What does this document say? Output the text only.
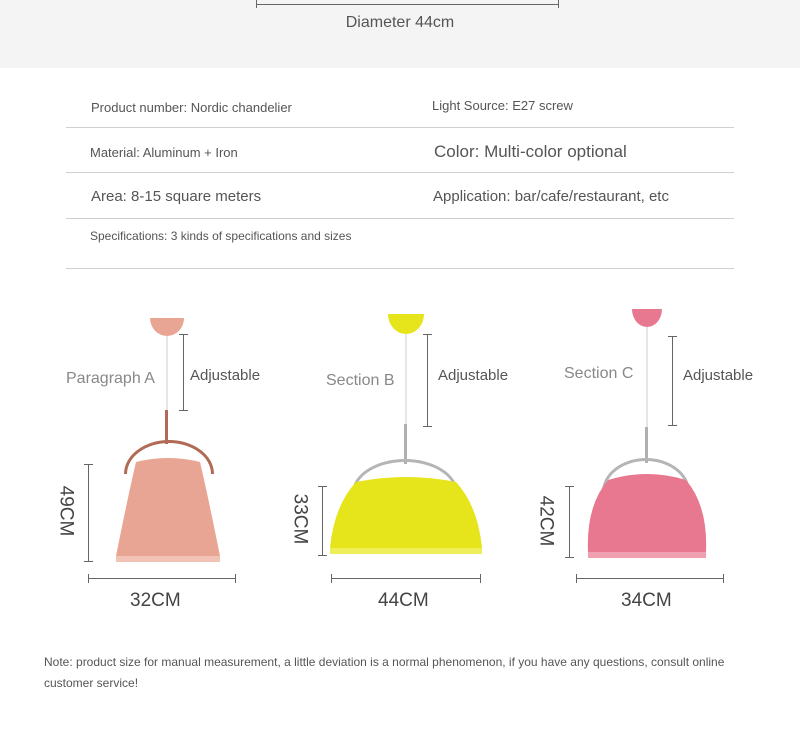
Diameter 44cm
Product number: Nordic chandelier	Light Source: E27 screw
Material: Aluminum + Iron	Color: Multi-color optional
Area: 8-15 square meters	Application: bar/cafe/restaurant, etc
Specifications: 3 kinds of specifications and sizes
Paragraph A Adjustable
49CM
32CM
Section B	Adjustable
33CM
44CM
Section C	Adjustable
42CM
34CM
Note: product size for manual measurement, a little deviation is a normal phenomenon, if you have any questions, consult online customer service!
